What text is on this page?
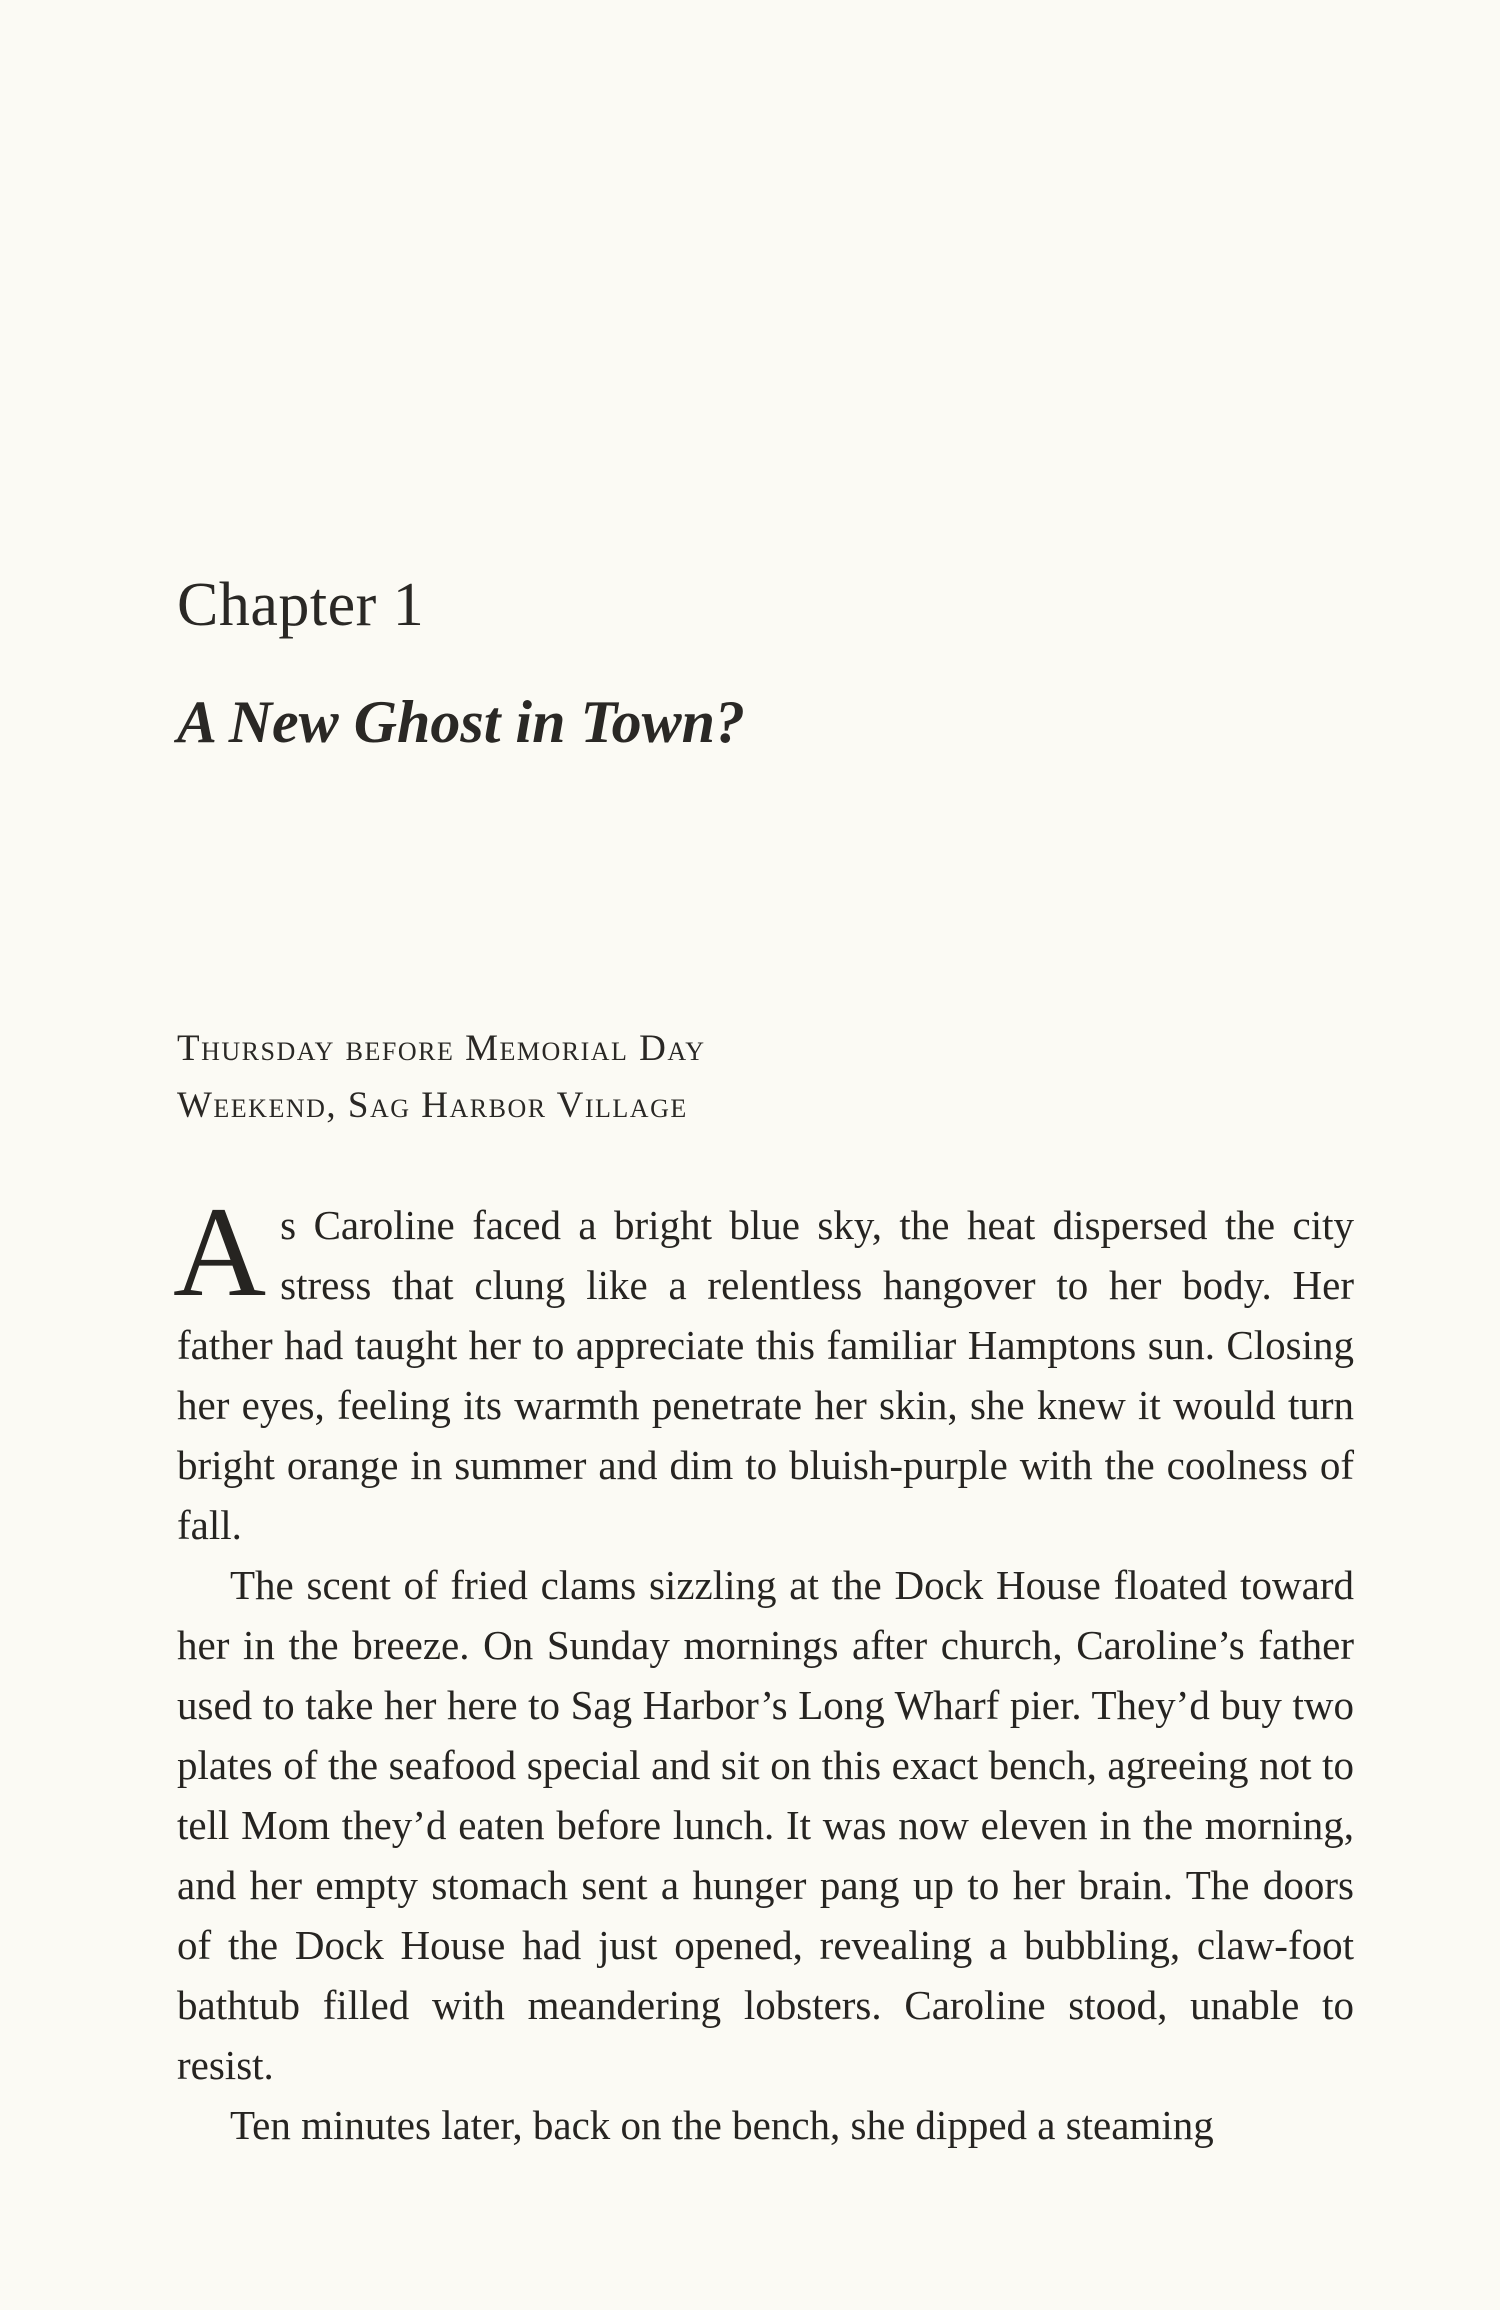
Chapter 1
A New Ghost in Town?
Thursday before Memorial Day
Weekend, Sag Harbor Village

As Caroline faced a bright blue sky, the heat dispersed the city stress that clung like a relentless hangover to her body. Her father had taught her to appreciate this familiar Hamptons sun. Closing her eyes, feeling its warmth penetrate her skin, she knew it would turn bright orange in summer and dim to bluish-purple with the coolness of fall.

The scent of fried clams sizzling at the Dock House floated toward her in the breeze. On Sunday mornings after church, Caroline’s father used to take her here to Sag Harbor’s Long Wharf pier. They’d buy two plates of the seafood special and sit on this exact bench, agreeing not to tell Mom they’d eaten before lunch. It was now eleven in the morning, and her empty stomach sent a hunger pang up to her brain. The doors of the Dock House had just opened, revealing a bubbling, claw-foot bathtub filled with meandering lobsters. Caroline stood, unable to resist.

Ten minutes later, back on the bench, she dipped a steaming
